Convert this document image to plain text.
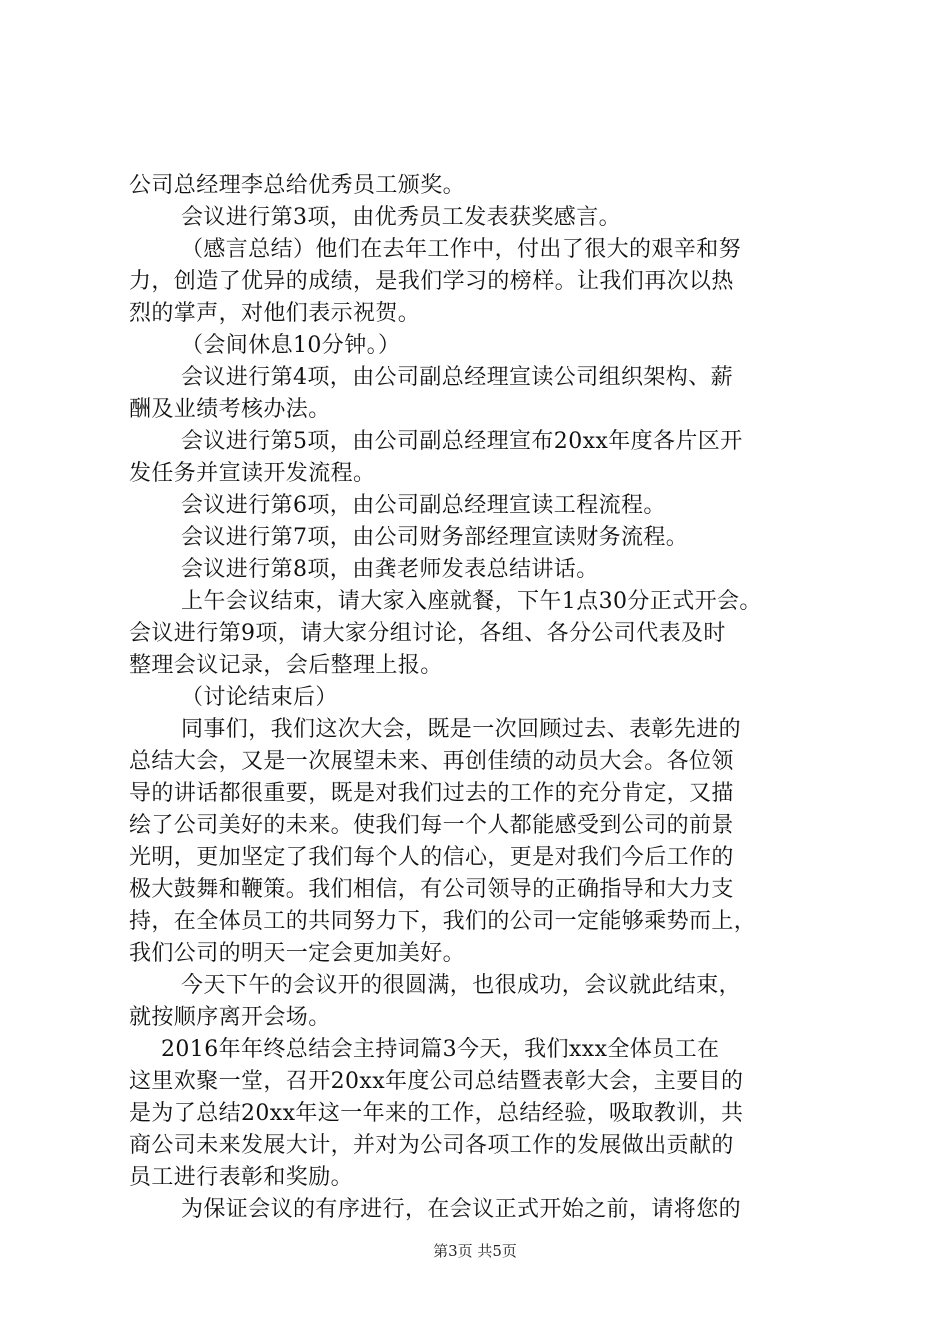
公司总经理李总给优秀员工颁奖。
会议进行第3项，由优秀员工发表获奖感言。
（感言总结）他们在去年工作中，付出了很大的艰辛和努
力，创造了优异的成绩，是我们学习的榜样。让我们再次以热
烈的掌声，对他们表示祝贺。
（会间休息10分钟。）
会议进行第4项，由公司副总经理宣读公司组织架构、薪
酬及业绩考核办法。
会议进行第5项，由公司副总经理宣布20xx年度各片区开
发任务并宣读开发流程。
会议进行第6项，由公司副总经理宣读工程流程。
会议进行第7项，由公司财务部经理宣读财务流程。
会议进行第8项，由龚老师发表总结讲话。
上午会议结束，请大家入座就餐，下午1点30分正式开会。
会议进行第9项，请大家分组讨论，各组、各分公司代表及时
整理会议记录，会后整理上报。
（讨论结束后）
同事们，我们这次大会，既是一次回顾过去、表彰先进的
总结大会，又是一次展望未来、再创佳绩的动员大会。各位领
导的讲话都很重要，既是对我们过去的工作的充分肯定，又描
绘了公司美好的未来。使我们每一个人都能感受到公司的前景
光明，更加坚定了我们每个人的信心，更是对我们今后工作的
极大鼓舞和鞭策。我们相信，有公司领导的正确指导和大力支
持，在全体员工的共同努力下，我们的公司一定能够乘势而上，
我们公司的明天一定会更加美好。
今天下午的会议开的很圆满，也很成功，会议就此结束，
就按顺序离开会场。
2016年年终总结会主持词篇3今天，我们xxx全体员工在
这里欢聚一堂，召开20xx年度公司总结暨表彰大会，主要目的
是为了总结20xx年这一年来的工作，总结经验，吸取教训，共
商公司未来发展大计，并对为公司各项工作的发展做出贡献的
员工进行表彰和奖励。
为保证会议的有序进行，在会议正式开始之前，请将您的
第3页 共5页
